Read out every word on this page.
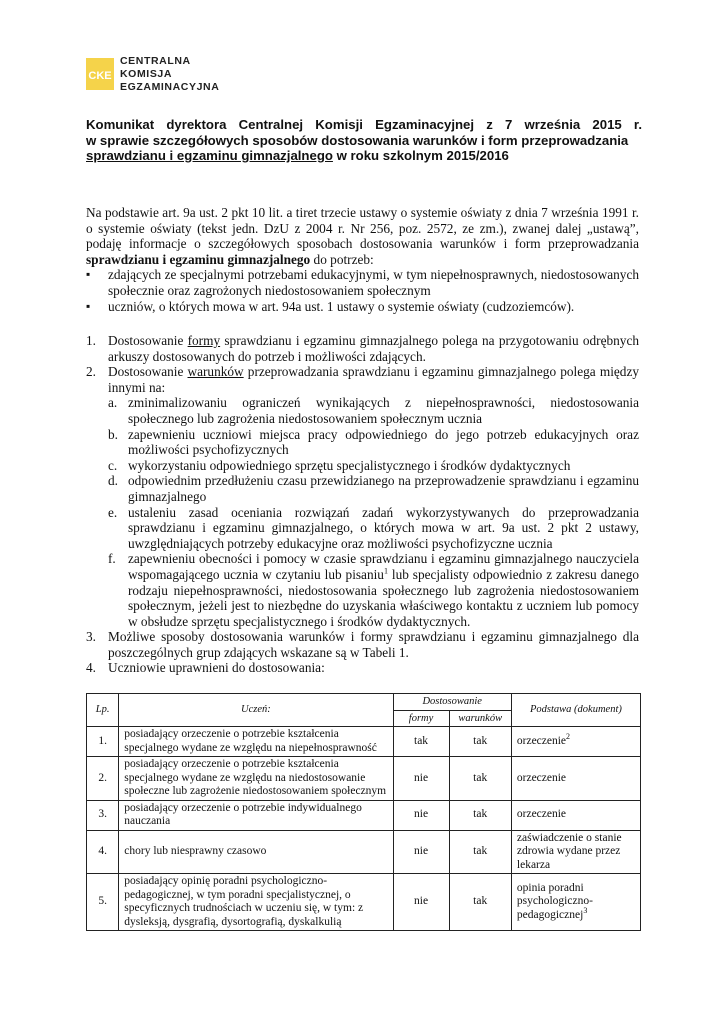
CKE
CENTRALNA
KOMISJA
EGZAMINACYJNA
Komunikat dyrektora Centralnej Komisji Egzaminacyjnej z 7 września 2015 r.
w sprawie szczegółowych sposobów dostosowania warunków i form przeprowadzania
sprawdzianu i egzaminu gimnazjalnego w roku szkolnym 2015/2016

Na podstawie art. 9a ust. 2 pkt 10 lit. a tiret trzecie ustawy o systemie oświaty z dnia 7 września 1991 r. o systemie oświaty (tekst jedn. DzU z 2004 r. Nr 256, poz. 2572, ze zm.), zwanej dalej „ustawą”, podaję informacje o szczegółowych sposobach dostosowania warunków i form przeprowadzania sprawdzianu i egzaminu gimnazjalnego do potrzeb:

▪ zdających ze specjalnymi potrzebami edukacyjnymi, w tym niepełnosprawnych, niedostosowanych społecznie oraz zagrożonych niedostosowaniem społecznym
▪ uczniów, o których mowa w art. 94a ust. 1 ustawy o systemie oświaty (cudzoziemców).
1. Dostosowanie formy sprawdzianu i egzaminu gimnazjalnego polega na przygotowaniu odrębnych arkuszy dostosowanych do potrzeb i możliwości zdających.
2. Dostosowanie warunków przeprowadzania sprawdzianu i egzaminu gimnazjalnego polega między innymi na:
a. zminimalizowaniu ograniczeń wynikających z niepełnosprawności, niedostosowania społecznego lub zagrożenia niedostosowaniem społecznym ucznia
b. zapewnieniu uczniowi miejsca pracy odpowiedniego do jego potrzeb edukacyjnych oraz możliwości psychofizycznych
c. wykorzystaniu odpowiedniego sprzętu specjalistycznego i środków dydaktycznych
d. odpowiednim przedłużeniu czasu przewidzianego na przeprowadzenie sprawdzianu i egzaminu gimnazjalnego
e. ustaleniu zasad oceniania rozwiązań zadań wykorzystywanych do przeprowadzania sprawdzianu i egzaminu gimnazjalnego, o których mowa w art. 9a ust. 2 pkt 2 ustawy, uwzględniających potrzeby edukacyjne oraz możliwości psychofizyczne ucznia
f. zapewnieniu obecności i pomocy w czasie sprawdzianu i egzaminu gimnazjalnego nauczyciela wspomagającego ucznia w czytaniu lub pisaniu$^1$ lub specjalisty odpowiednio z zakresu danego rodzaju niepełnosprawności, niedostosowania społecznego lub zagrożenia niedostosowaniem społecznym, jeżeli jest to niezbędne do uzyskania właściwego kontaktu z uczniem lub pomocy w obsłudze sprzętu specjalistycznego i środków dydaktycznych.
3. Możliwe sposoby dostosowania warunków i formy sprawdzianu i egzaminu gimnazjalnego dla poszczególnych grup zdających wskazane są w Tabeli 1.
4. Uczniowie uprawnieni do dostosowania:
Lp.	Uczeń:	Dostosowanie		Podstawa (dokument)
		formy	warunków	
1.	posiadający orzeczenie o potrzebie kształcenia specjalnego wydane ze względu na niepełnosprawność	tak	tak	orzeczenie$^2$
2.	posiadający orzeczenie o potrzebie kształcenia specjalnego wydane ze względu na niedostosowanie społeczne lub zagrożenie niedostosowaniem społecznym	nie	tak	orzeczenie
3.	posiadający orzeczenie o potrzebie indywidualnego nauczania	nie	tak	orzeczenie
4.	chory lub niesprawny czasowo	nie	tak	zaświadczenie o stanie zdrowia wydane przez lekarza
5.	posiadający opinię poradni psychologiczno-pedagogicznej, w tym poradni specjalistycznej, o specyficznych trudnościach w uczeniu się, w tym: z dysleksją, dysgrafią, dysortografią, dyskalkulią	nie	tak	opinia poradni psychologiczno-pedagogicznej$^3$
